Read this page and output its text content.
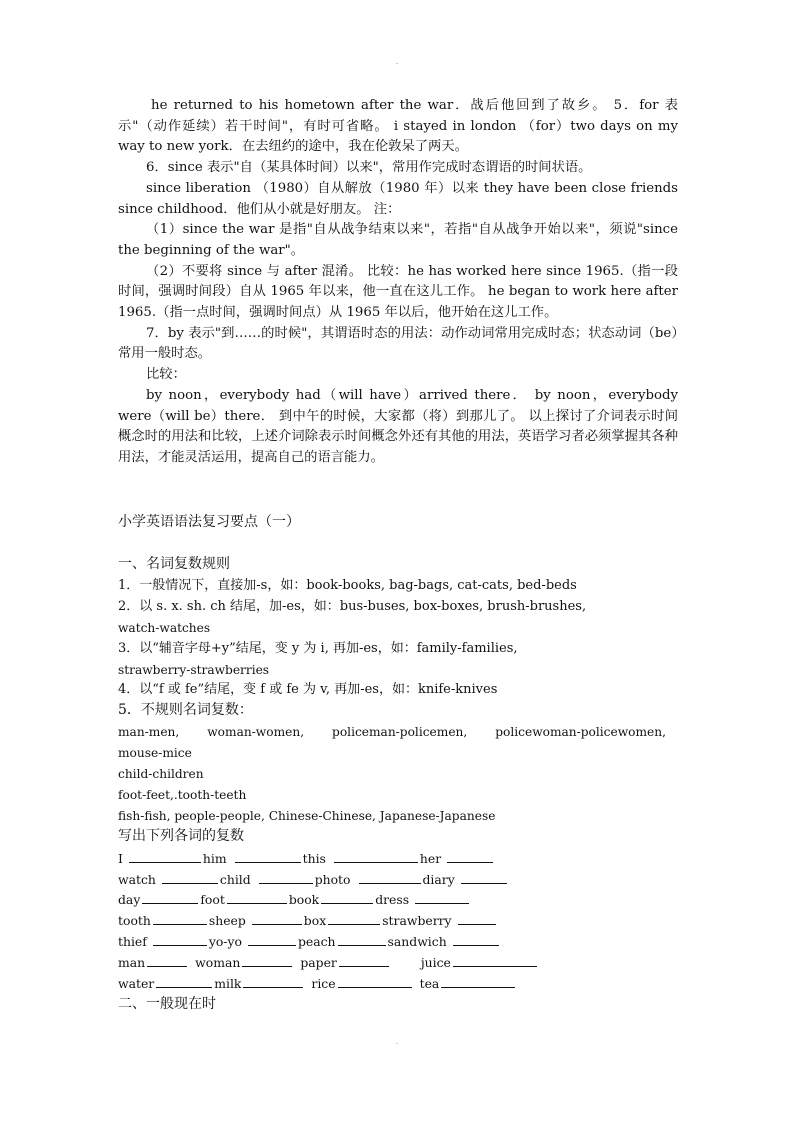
.

he returned to his hometown after the war．战后他回到了故乡。 5．for 表示"（动作延续）若干时间"，有时可省略。 i stayed in london （for）two days on my way to new york．在去纽约的途中，我在伦敦呆了两天。

6．since 表示"自（某具体时间）以来"，常用作完成时态谓语的时间状语。

since liberation （1980）自从解放（1980 年）以来 they have been close friends since childhood．他们从小就是好朋友。 注：

（1）since the war 是指"自从战争结束以来"，若指"自从战争开始以来"，须说"since the beginning of the war"。

（2）不要将 since 与 after 混淆。 比较：he has worked here since 1965.（指一段时间，强调时间段）自从 1965 年以来，他一直在这儿工作。 he began to work here after 1965.（指一点时间，强调时间点）从 1965 年以后，他开始在这儿工作。

7．by 表示"到……的时候"，其谓语时态的用法：动作动词常用完成时态；状态动词（be）常用一般时态。

比较：

by noon，everybody had（will have）arrived there． by noon，everybody were（will be）there． 到中午的时候，大家都（将）到那儿了。 以上探讨了介词表示时间概念时的用法和比较，上述介词除表示时间概念外还有其他的用法，英语学习者必须掌握其各种用法，才能灵活运用，提高自己的语言能力。

小学英语语法复习要点（一）

一、名词复数规则

1．一般情况下，直接加-s，如：book-books, bag-bags, cat-cats, bed-beds

2．以 s. x. sh. ch 结尾，加-es，如：bus-buses, box-boxes, brush-brushes,

watch-watches

3．以“辅音字母+y”结尾，变 y 为 i, 再加-es，如：family-families,

strawberry-strawberries

4．以“f 或 fe”结尾，变 f 或 fe 为 v, 再加-es，如：knife-knives

5．不规则名词复数：

man-men, woman-women, policeman-policemen, policewoman-policewomen,

mouse-mice

child-children

foot-feet,.tooth-teeth

fish-fish, people-people, Chinese-Chinese, Japanese-Japanese

写出下列各词的复数

I	him	this	her
watch	child	photo	diary
day	foot	book	dress
tooth	sheep	box	strawberry
thief	yo-yo	peach	sandwich
man	woman	paper	juice
water	milk	rice	tea

二、一般现在时

.
